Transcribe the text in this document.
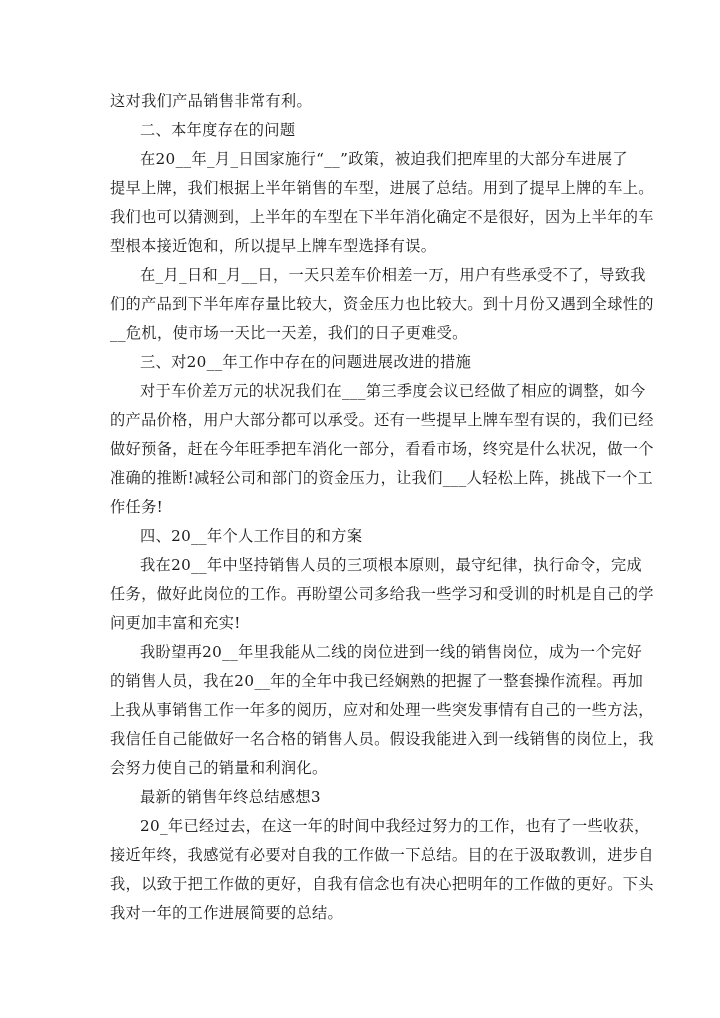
这对我们产品销售非常有利。
二、本年度存在的问题
在20__年_月_日国家施行“__”政策，被迫我们把库里的大部分车进展了
提早上牌，我们根据上半年销售的车型，进展了总结。用到了提早上牌的车上。
我们也可以猜测到，上半年的车型在下半年消化确定不是很好，因为上半年的车
型根本接近饱和，所以提早上牌车型选择有误。
在_月_日和_月__日，一天只差车价相差一万，用户有些承受不了，导致我
们的产品到下半年库存量比较大，资金压力也比较大。到十月份又遇到全球性的
__危机，使市场一天比一天差，我们的日子更难受。
三、对20__年工作中存在的问题进展改进的措施
对于车价差万元的状况我们在___第三季度会议已经做了相应的调整，如今
的产品价格，用户大部分都可以承受。还有一些提早上牌车型有误的，我们已经
做好预备，赶在今年旺季把车消化一部分，看看市场，终究是什么状况，做一个
准确的推断!减轻公司和部门的资金压力，让我们___人轻松上阵，挑战下一个工
作任务!
四、20__年个人工作目的和方案
我在20__年中坚持销售人员的三项根本原则，最守纪律，执行命令，完成
任务，做好此岗位的工作。再盼望公司多给我一些学习和受训的时机是自己的学
问更加丰富和充实!
我盼望再20__年里我能从二线的岗位进到一线的销售岗位，成为一个完好
的销售人员，我在20__年的全年中我已经娴熟的把握了一整套操作流程。再加
上我从事销售工作一年多的阅历，应对和处理一些突发事情有自己的一些方法，
我信任自己能做好一名合格的销售人员。假设我能进入到一线销售的岗位上，我
会努力使自己的销量和利润化。
最新的销售年终总结感想3
20_年已经过去，在这一年的时间中我经过努力的工作，也有了一些收获，
接近年终，我感觉有必要对自我的工作做一下总结。目的在于汲取教训，进步自
我，以致于把工作做的更好，自我有信念也有决心把明年的工作做的更好。下头
我对一年的工作进展简要的总结。
